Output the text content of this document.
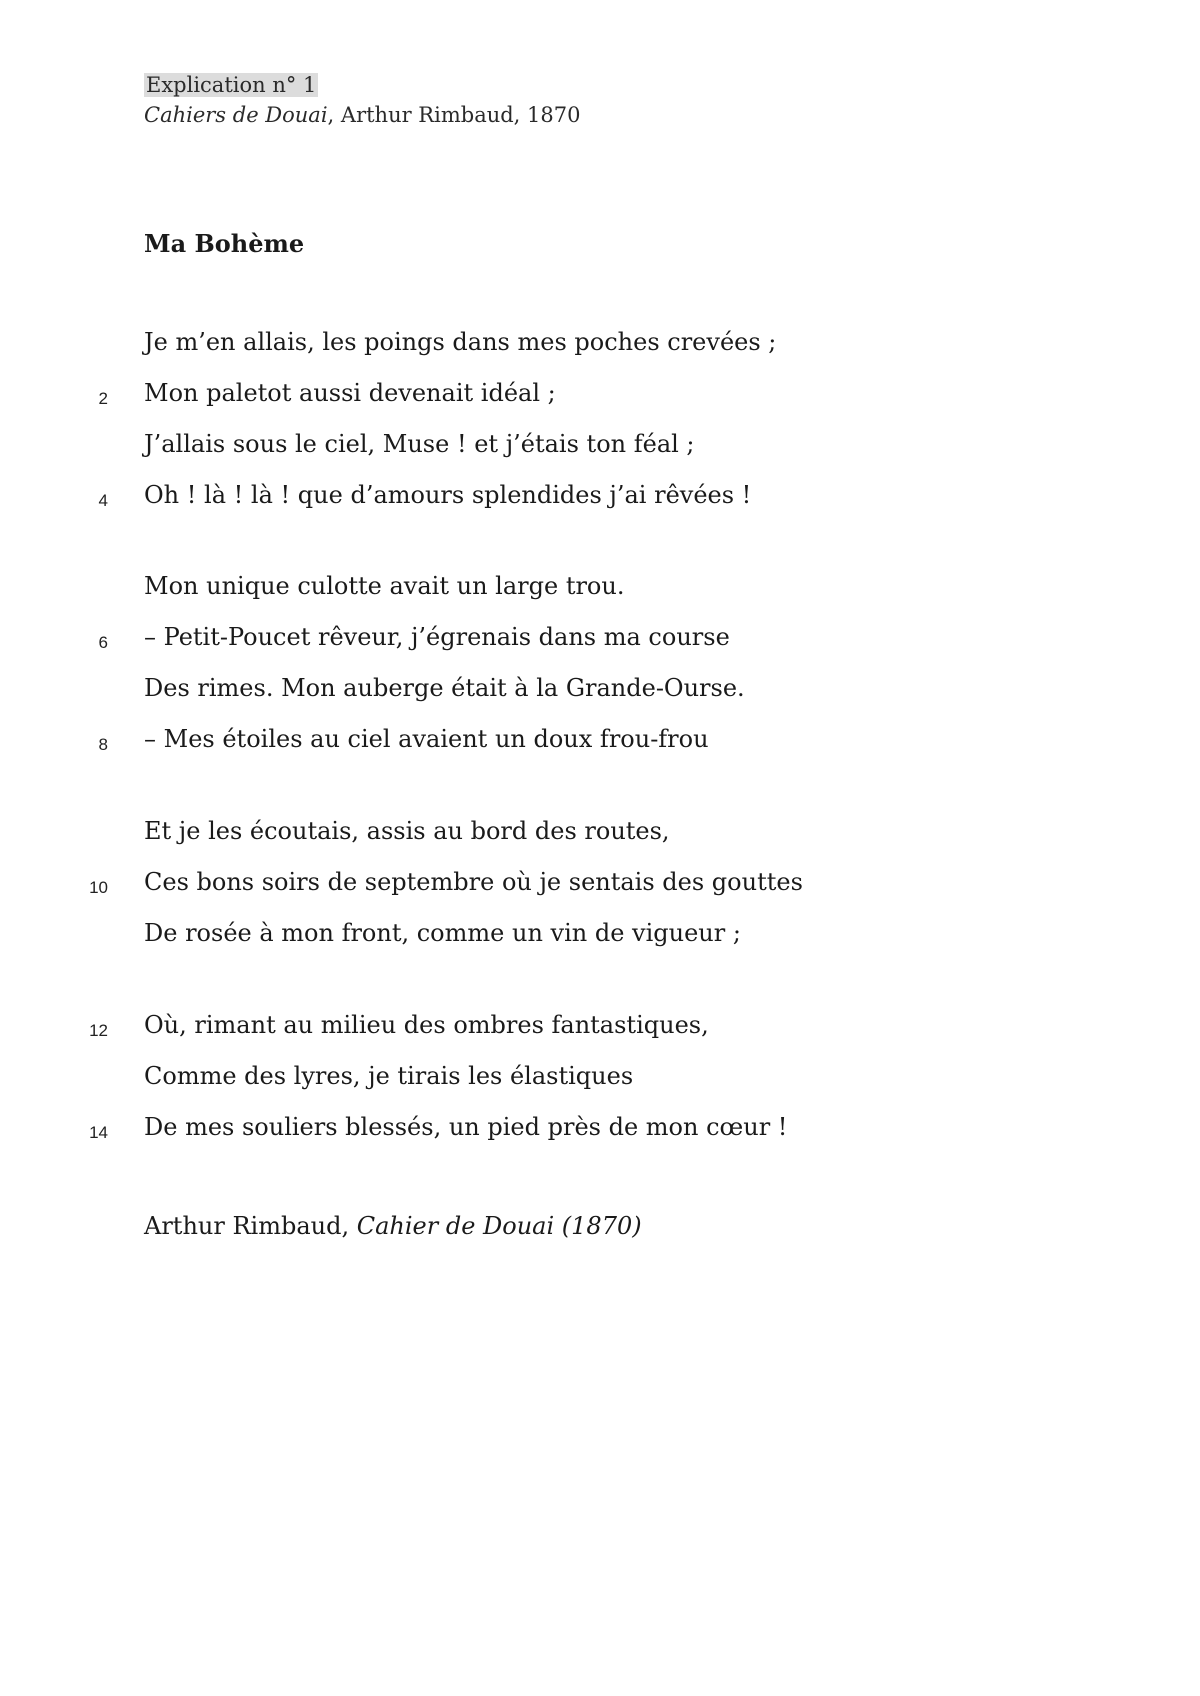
Explication n° 1
Cahiers de Douai, Arthur Rimbaud, 1870
Ma Bohème
Je m’en allais, les poings dans mes poches crevées ;
2 Mon paletot aussi devenait idéal ;
J’allais sous le ciel, Muse ! et j’étais ton féal ;
4 Oh ! là ! là ! que d’amours splendides j’ai rêvées !
Mon unique culotte avait un large trou.
6 – Petit-Poucet rêveur, j’égrenais dans ma course
Des rimes. Mon auberge était à la Grande-Ourse.
8 – Mes étoiles au ciel avaient un doux frou-frou
Et je les écoutais, assis au bord des routes,
10 Ces bons soirs de septembre où je sentais des gouttes
De rosée à mon front, comme un vin de vigueur ;
12 Où, rimant au milieu des ombres fantastiques,
Comme des lyres, je tirais les élastiques
14 De mes souliers blessés, un pied près de mon cœur !
Arthur Rimbaud, Cahier de Douai (1870)
